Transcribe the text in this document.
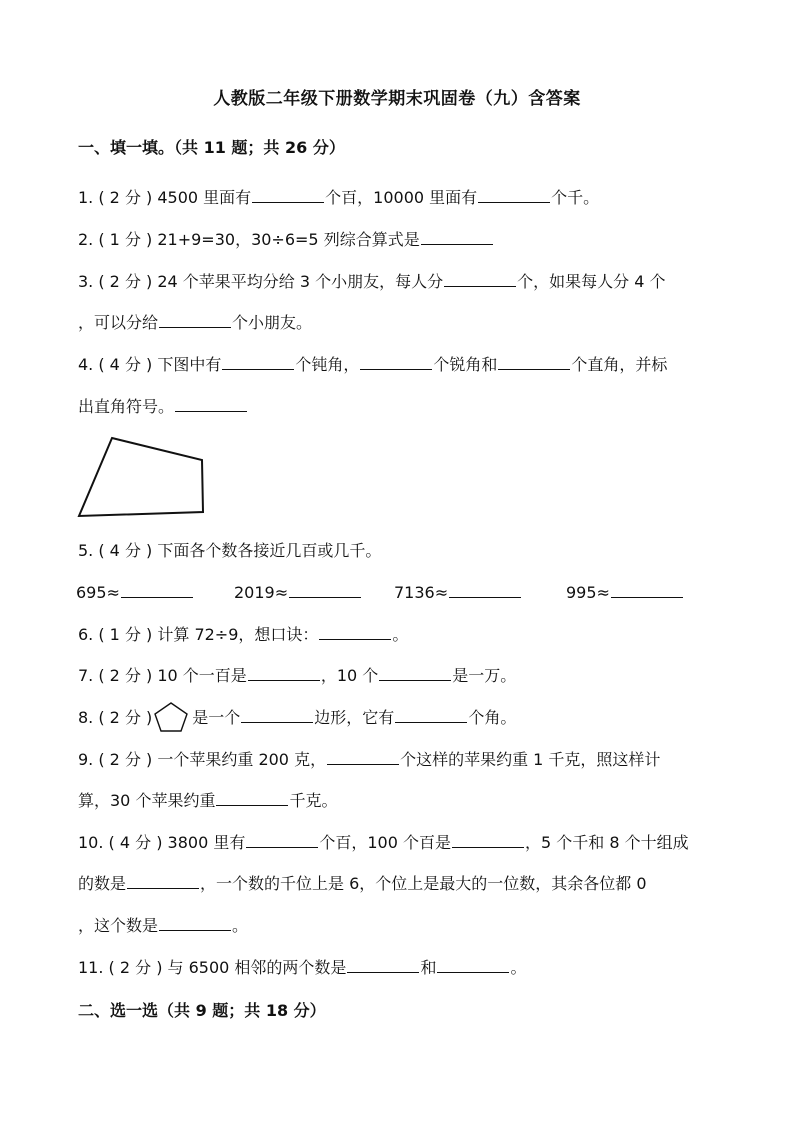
人教版二年级下册数学期末巩固卷（九）含答案
一、填一填。（共 11 题；共 26 分）
1. ( 2 分 ) 4500 里面有	个百，10000 里面有	个千。
2. ( 1 分 ) 21+9=30，30÷6=5 列综合算式是
3. ( 2 分 ) 24 个苹果平均分给 3 个小朋友，每人分	个，如果每人分 4 个
，可以分给	个小朋友。
4. ( 4 分 ) 下图中有	个钝角，	个锐角和	个直角，并标
出直角符号。
5. ( 4 分 ) 下面各个数各接近几百或几千。
695≈	2019≈	7136≈	995≈
6. ( 1 分 ) 计算 72÷9，想口诀：	。
7. ( 2 分 ) 10 个一百是	，10 个	是一万。
8. ( 2 分 )	是一个	边形，它有	个角。
9. ( 2 分 ) 一个苹果约重 200 克，	个这样的苹果约重 1 千克，照这样计
算，30 个苹果约重	千克。
10. ( 4 分 ) 3800 里有	个百，100 个百是	，5 个千和 8 个十组成
的数是	，一个数的千位上是 6，个位上是最大的一位数，其余各位都 0
，这个数是	。
11. ( 2 分 ) 与 6500 相邻的两个数是	和	。
二、选一选（共 9 题；共 18 分）
